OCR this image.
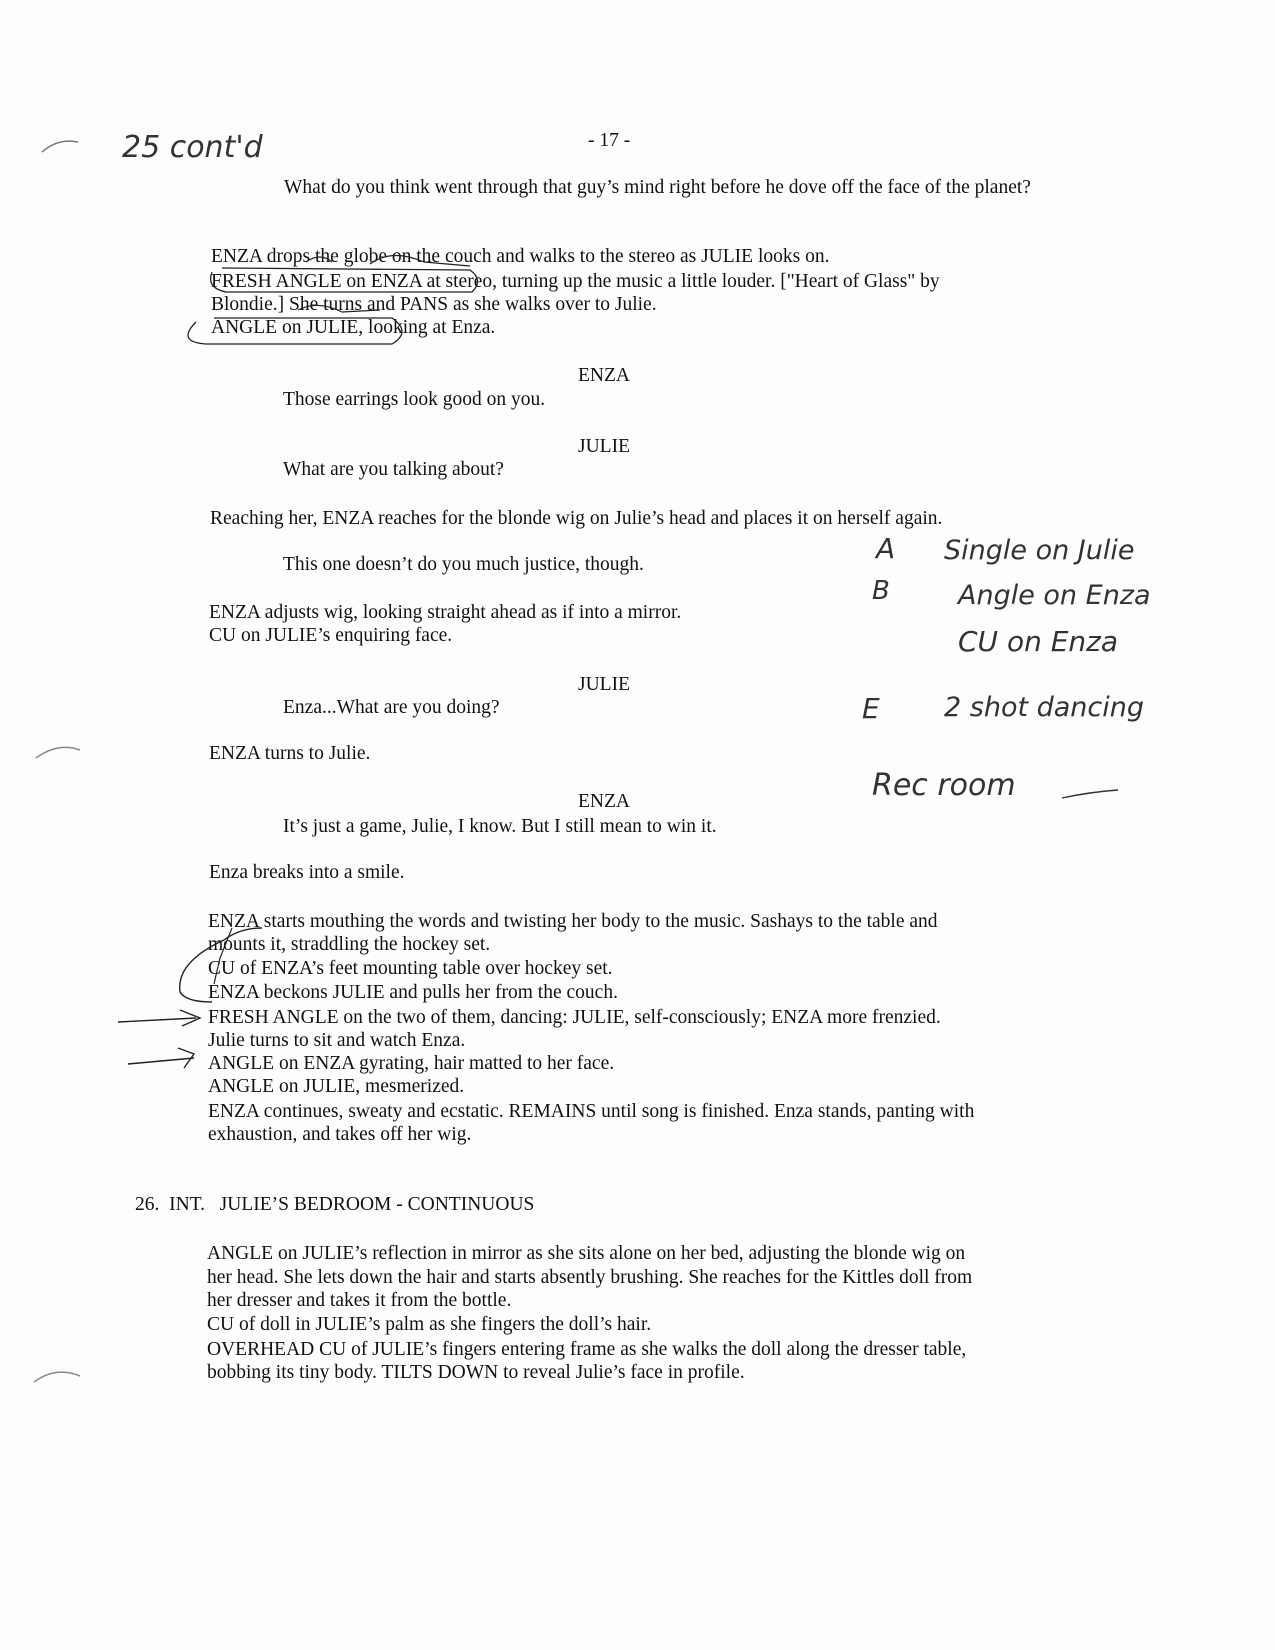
25 cont'd	- 17 -
What do you think went through that guy’s mind right before he dove off the face of the planet?
ENZA drops the globe on the couch and walks to the stereo as JULIE looks on.
FRESH ANGLE on ENZA at stereo, turning up the music a little louder. ["Heart of Glass" by
Blondie.] She turns and PANS as she walks over to Julie.
ANGLE on JULIE, looking at Enza.
ENZA
Those earrings look good on you.
JULIE
What are you talking about?
Reaching her, ENZA reaches for the blonde wig on Julie’s head and places it on herself again.
This one doesn’t do you much justice, though.
ENZA adjusts wig, looking straight ahead as if into a mirror.
CU on JULIE’s enquiring face.
JULIE
Enza...What are you doing?
ENZA turns to Julie.
ENZA
It’s just a game, Julie, I know. But I still mean to win it.
Enza breaks into a smile.
ENZA starts mouthing the words and twisting her body to the music. Sashays to the table and
mounts it, straddling the hockey set.
CU of ENZA’s feet mounting table over hockey set.
ENZA beckons JULIE and pulls her from the couch.
FRESH ANGLE on the two of them, dancing: JULIE, self-consciously; ENZA more frenzied.
Julie turns to sit and watch Enza.
ANGLE on ENZA gyrating, hair matted to her face.
ANGLE on JULIE, mesmerized.
ENZA continues, sweaty and ecstatic. REMAINS until song is finished. Enza stands, panting with
exhaustion, and takes off her wig.
26.  INT.   JULIE’S BEDROOM - CONTINUOUS
ANGLE on JULIE’s reflection in mirror as she sits alone on her bed, adjusting the blonde wig on
her head. She lets down the hair and starts absently brushing. She reaches for the Kittles doll from
her dresser and takes it from the bottle.
CU of doll in JULIE’s palm as she fingers the doll’s hair.
OVERHEAD CU of JULIE’s fingers entering frame as she walks the doll along the dresser table,
bobbing its tiny body. TILTS DOWN to reveal Julie’s face in profile.
A Single on Julie
B	Angle on Enza
CU on Enza
E 2 shot dancing
Rec room
